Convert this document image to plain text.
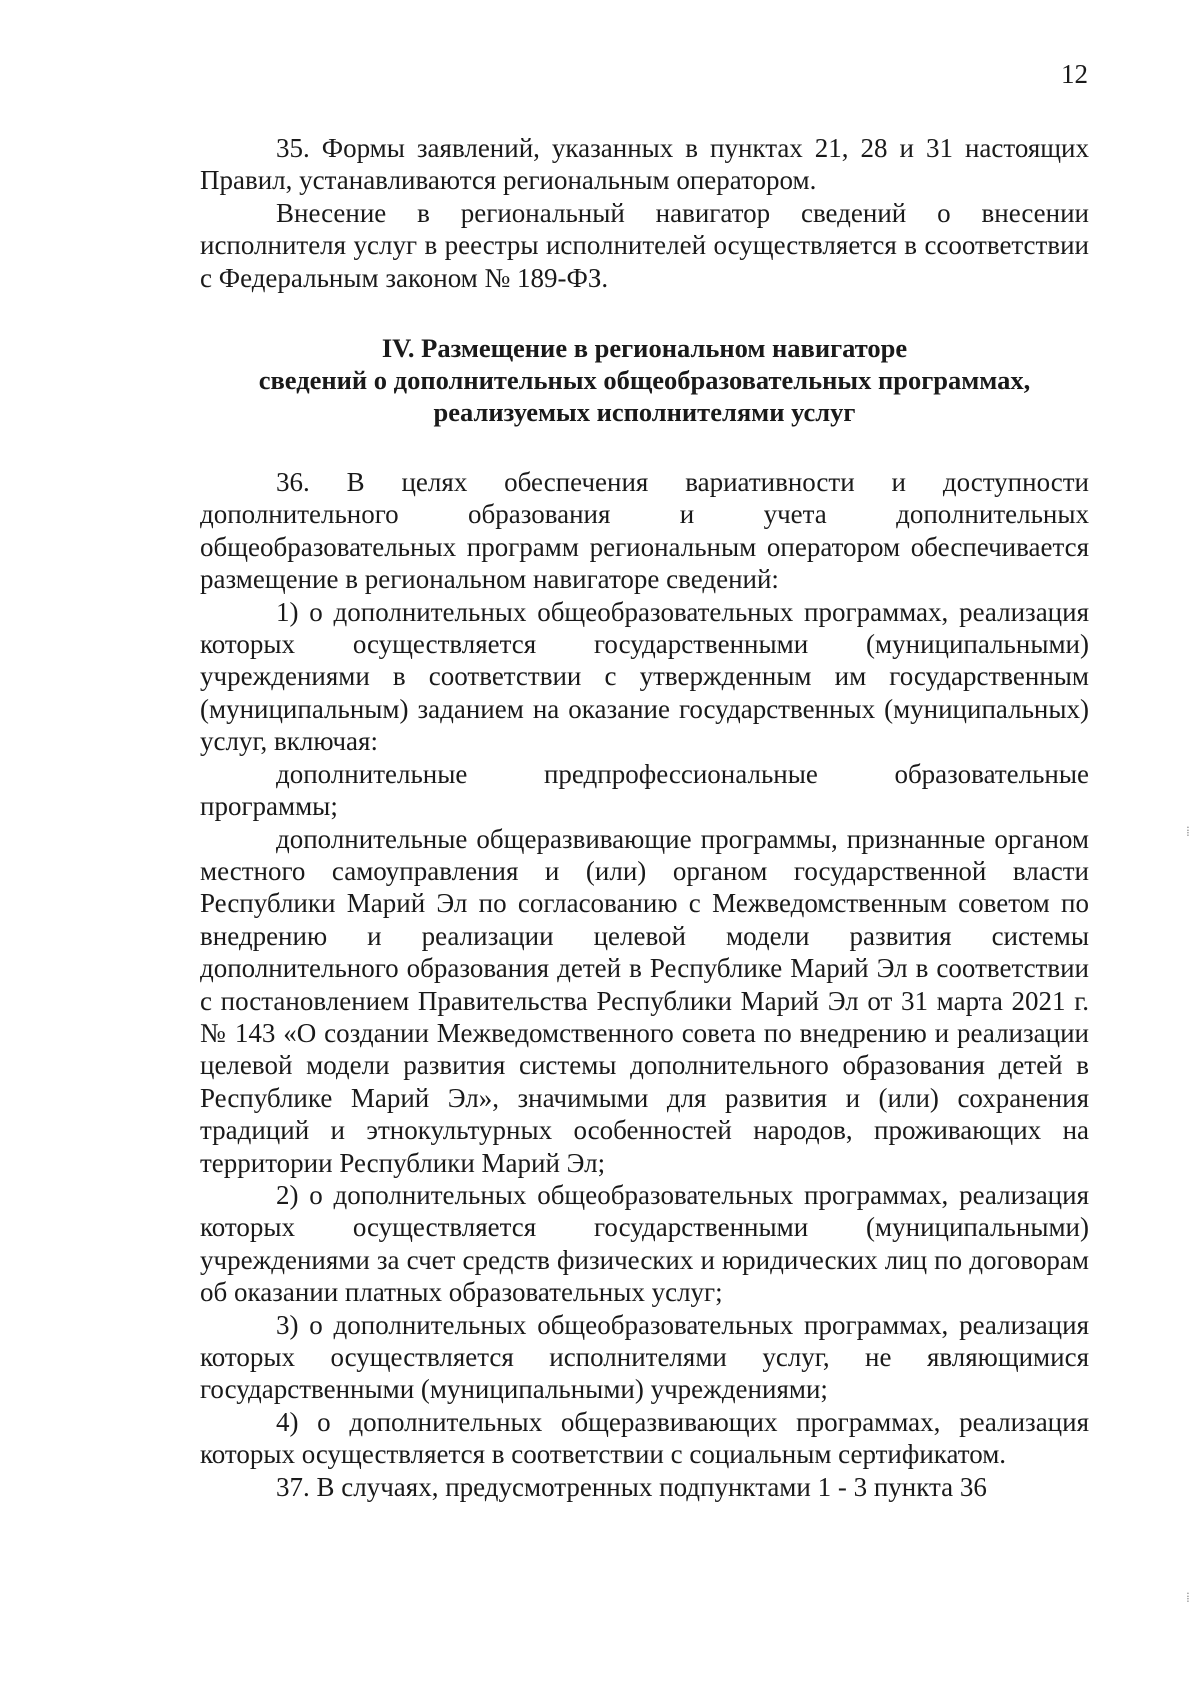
12

35. Формы заявлений, указанных в пунктах 21, 28 и 31 настоящих Правил, устанавливаются региональным оператором.

Внесение в региональный навигатор сведений о внесении исполнителя услуг в реестры исполнителей осуществляется в ссоответствии с Федеральным законом № 189-ФЗ.

IV. Размещение в региональном навигаторе
сведений о дополнительных общеобразовательных программах,
реализуемых исполнителями услуг

36. В целях обеспечения вариативности и доступности дополнительного образования и учета дополнительных общеобразовательных программ региональным оператором обеспечивается размещение в региональном навигаторе сведений:

1) о дополнительных общеобразовательных программах, реализация которых осуществляется государственными (муниципальными) учреждениями в соответствии с утвержденным им государственным (муниципальным) заданием на оказание государственных (муниципальных) услуг, включая:

дополнительные предпрофессиональные образовательные программы;

дополнительные общеразвивающие программы, признанные органом местного самоуправления и (или) органом государственной власти Республики Марий Эл по согласованию с Межведомственным советом по внедрению и реализации целевой модели развития системы дополнительного образования детей в Республике Марий Эл в соответствии с постановлением Правительства Республики Марий Эл от 31 марта 2021 г. № 143 «О создании Межведомственного совета по внедрению и реализации целевой модели развития системы дополнительного образования детей в Республике Марий Эл», значимыми для развития и (или) сохранения традиций и этнокультурных особенностей народов, проживающих на территории Республики Марий Эл;

2) о дополнительных общеобразовательных программах, реализация которых осуществляется государственными (муниципальными) учреждениями за счет средств физических и юридических лиц по договорам об оказании платных образовательных услуг;

3) о дополнительных общеобразовательных программах, реализация которых осуществляется исполнителями услуг, не являющимися государственными (муниципальными) учреждениями;

4) о дополнительных общеразвивающих программах, реализация которых осуществляется в соответствии с социальным сертификатом.

37. В случаях, предусмотренных подпунктами 1 - 3 пункта 36

⁞
⁞
